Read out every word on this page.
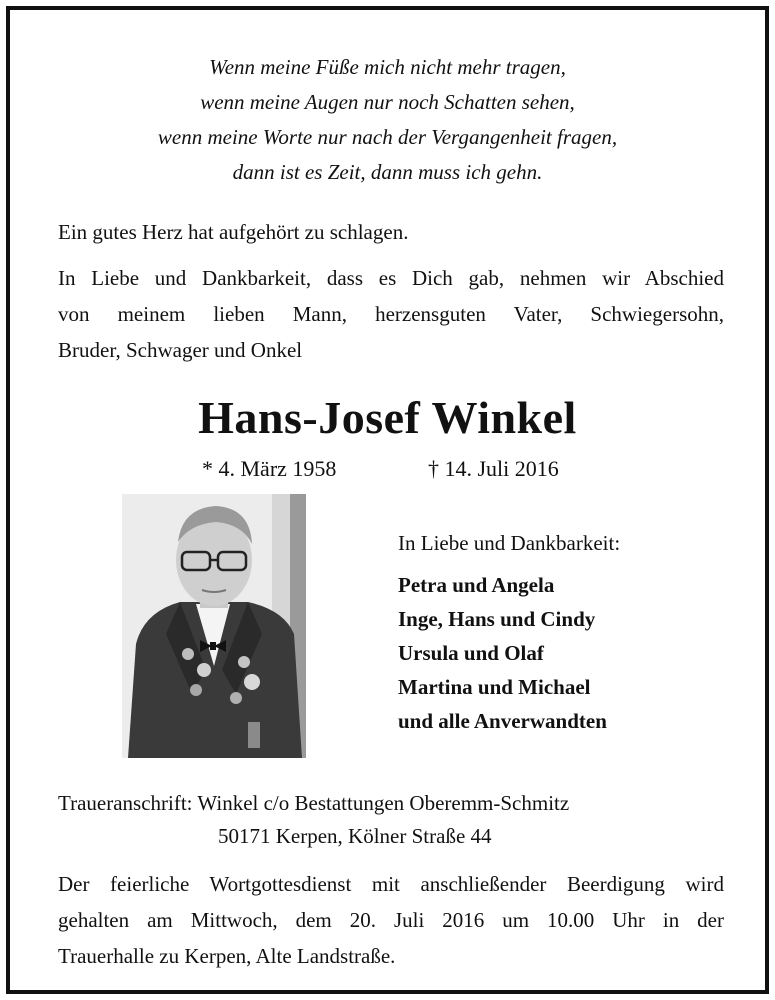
Wenn meine Füße mich nicht mehr tragen,
wenn meine Augen nur noch Schatten sehen,
wenn meine Worte nur nach der Vergangenheit fragen,
dann ist es Zeit, dann muss ich gehn.
Ein gutes Herz hat aufgehört zu schlagen.
In Liebe und Dankbarkeit, dass es Dich gab, nehmen wir Abschied
von meinem lieben Mann, herzensguten Vater, Schwiegersohn,
Bruder, Schwager und Onkel
Hans-Josef Winkel
* 4. März 1958	† 14. Juli 2016
In Liebe und Dankbarkeit:
Petra und Angela
Inge, Hans und Cindy
Ursula und Olaf
Martina und Michael
und alle Anverwandten
Traueranschrift: Winkel c/o Bestattungen Oberemm-Schmitz
50171 Kerpen, Kölner Straße 44
Der feierliche Wortgottesdienst mit anschließender Beerdigung wird
gehalten am Mittwoch, dem 20. Juli 2016 um 10.00 Uhr in der
Trauerhalle zu Kerpen, Alte Landstraße.
